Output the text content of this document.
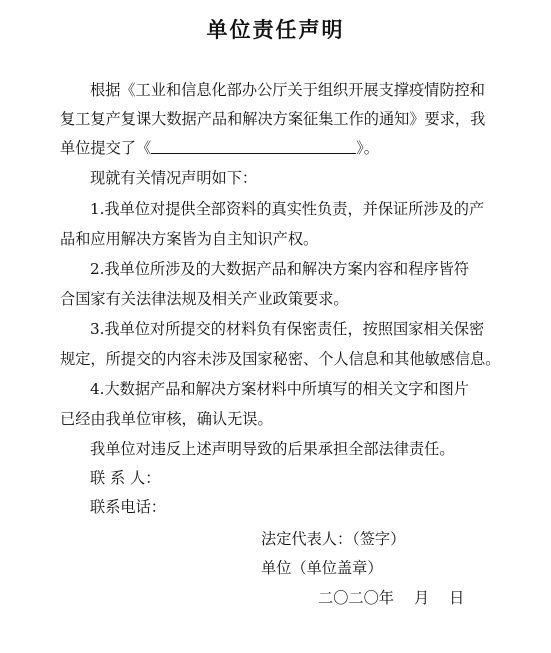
单位责任声明
根据《工业和信息化部办公厅关于组织开展支撑疫情防控和
复工复产复课大数据产品和解决方案征集工作的通知》要求，我
单位提交了《	》。
现就有关情况声明如下：
1.我单位对提供全部资料的真实性负责，并保证所涉及的产
品和应用解决方案皆为自主知识产权。
2.我单位所涉及的大数据产品和解决方案内容和程序皆符
合国家有关法律法规及相关产业政策要求。
3.我单位对所提交的材料负有保密责任，按照国家相关保密
规定，所提交的内容未涉及国家秘密、个人信息和其他敏感信息。
4.大数据产品和解决方案材料中所填写的相关文字和图片
已经由我单位审核，确认无误。
我单位对违反上述声明导致的后果承担全部法律责任。
联 系 人：
联系电话：
法定代表人：（签字）
单位（单位盖章）
二〇二〇年　 月　 日
